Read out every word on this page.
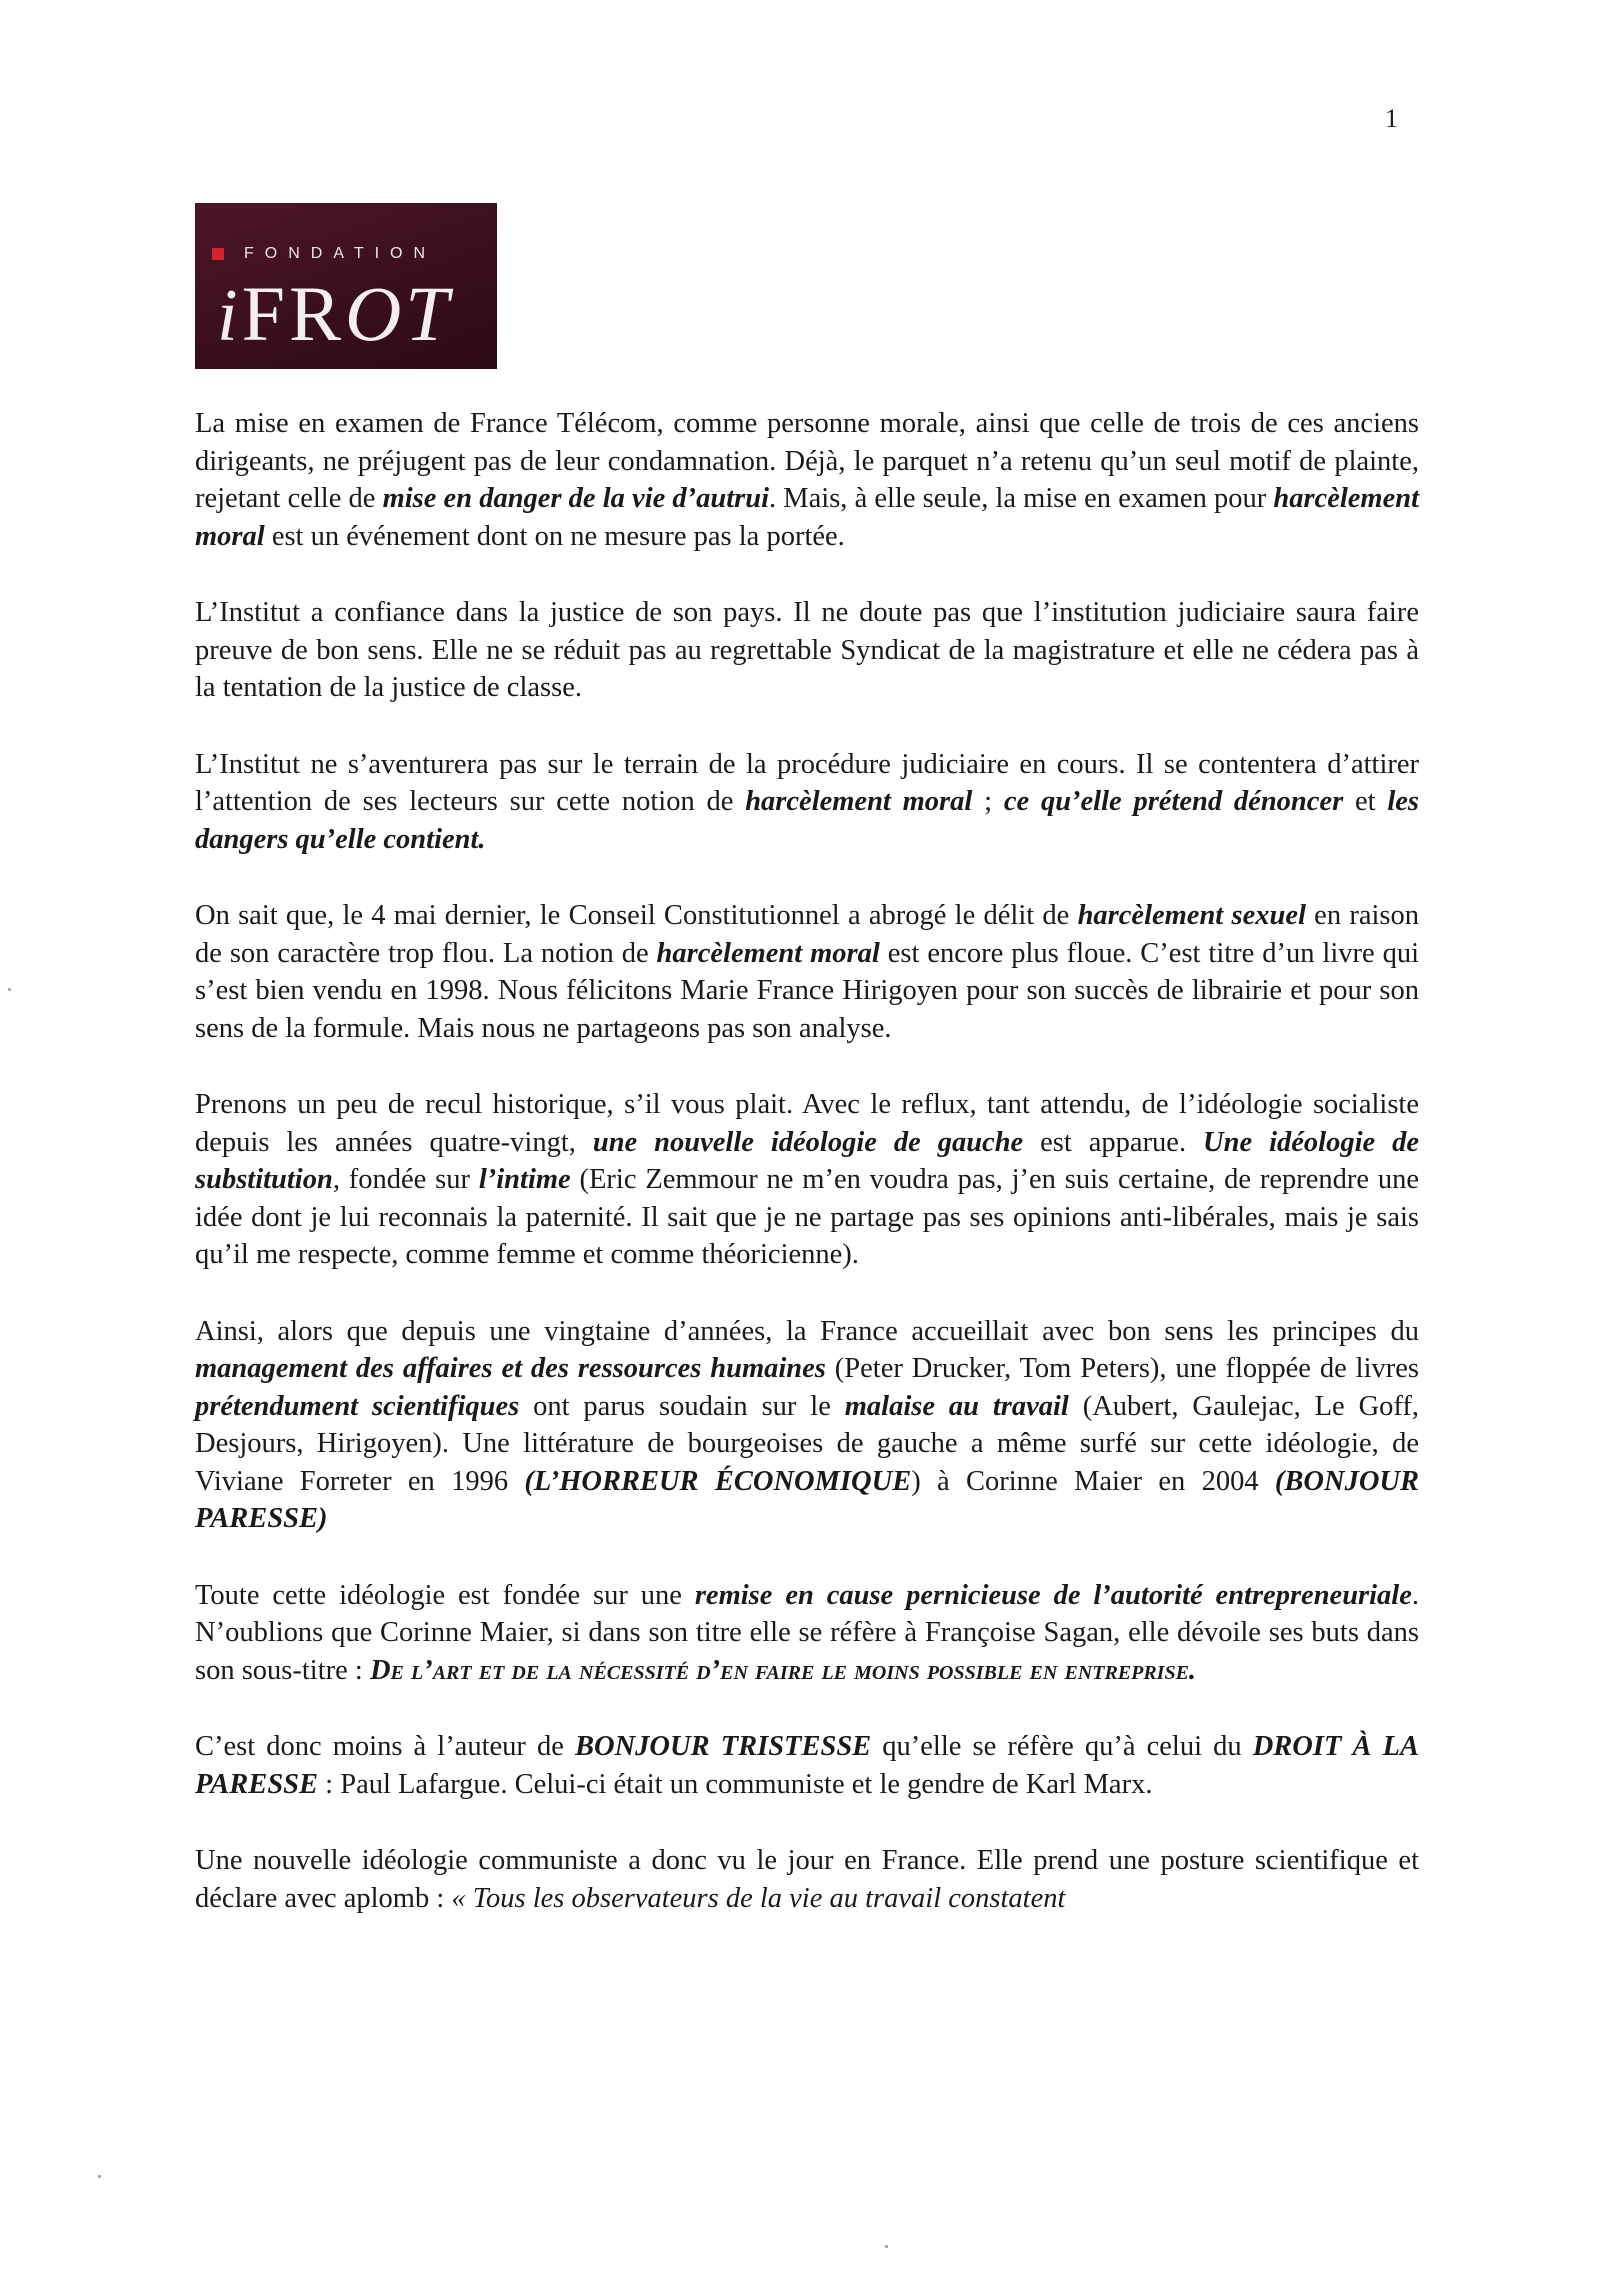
1
FONDATION
iFROT

La mise en examen de France Télécom, comme personne morale, ainsi que celle de trois de ces anciens dirigeants, ne préjugent pas de leur condamnation. Déjà, le parquet n’a retenu qu’un seul motif de plainte, rejetant celle de mise en danger de la vie d’autrui. Mais, à elle seule, la mise en examen pour harcèlement moral est un événement dont on ne mesure pas la portée.

L’Institut a confiance dans la justice de son pays. Il ne doute pas que l’institution judiciaire saura faire preuve de bon sens. Elle ne se réduit pas au regrettable Syndicat de la magistrature et elle ne cédera pas à la tentation de la justice de classe.

L’Institut ne s’aventurera pas sur le terrain de la procédure judiciaire en cours. Il se contentera d’attirer l’attention de ses lecteurs sur cette notion de harcèlement moral ; ce qu’elle prétend dénoncer et les dangers qu’elle contient.

On sait que, le 4 mai dernier, le Conseil Constitutionnel a abrogé le délit de harcèlement sexuel en raison de son caractère trop flou. La notion de harcèlement moral est encore plus floue. C’est titre d’un livre qui s’est bien vendu en 1998. Nous félicitons Marie France Hirigoyen pour son succès de librairie et pour son sens de la formule. Mais nous ne partageons pas son analyse.

Prenons un peu de recul historique, s’il vous plait. Avec le reflux, tant attendu, de l’idéologie socialiste depuis les années quatre-vingt, une nouvelle idéologie de gauche est apparue. Une idéologie de substitution, fondée sur l’intime (Eric Zemmour ne m’en voudra pas, j’en suis certaine, de reprendre une idée dont je lui reconnais la paternité. Il sait que je ne partage pas ses opinions anti-libérales, mais je sais qu’il me respecte, comme femme et comme théoricienne).

Ainsi, alors que depuis une vingtaine d’années, la France accueillait avec bon sens les principes du management des affaires et des ressources humaines (Peter Drucker, Tom Peters), une floppée de livres prétendument scientifiques ont parus soudain sur le malaise au travail (Aubert, Gaulejac, Le Goff, Desjours, Hirigoyen). Une littérature de bourgeoises de gauche a même surfé sur cette idéologie, de Viviane Forreter en 1996 (L’HORREUR ÉCONOMIQUE) à Corinne Maier en 2004 (BONJOUR PARESSE)

Toute cette idéologie est fondée sur une remise en cause pernicieuse de l’autorité entrepreneuriale. N’oublions que Corinne Maier, si dans son titre elle se réfère à Françoise Sagan, elle dévoile ses buts dans son sous-titre : De l’art et de la nécessité d’en faire le moins possible en entreprise.

C’est donc moins à l’auteur de BONJOUR TRISTESSE qu’elle se réfère qu’à celui du DROIT À LA PARESSE : Paul Lafargue. Celui-ci était un communiste et le gendre de Karl Marx.

Une nouvelle idéologie communiste a donc vu le jour en France. Elle prend une posture scientifique et déclare avec aplomb : « Tous les observateurs de la vie au travail constatent
